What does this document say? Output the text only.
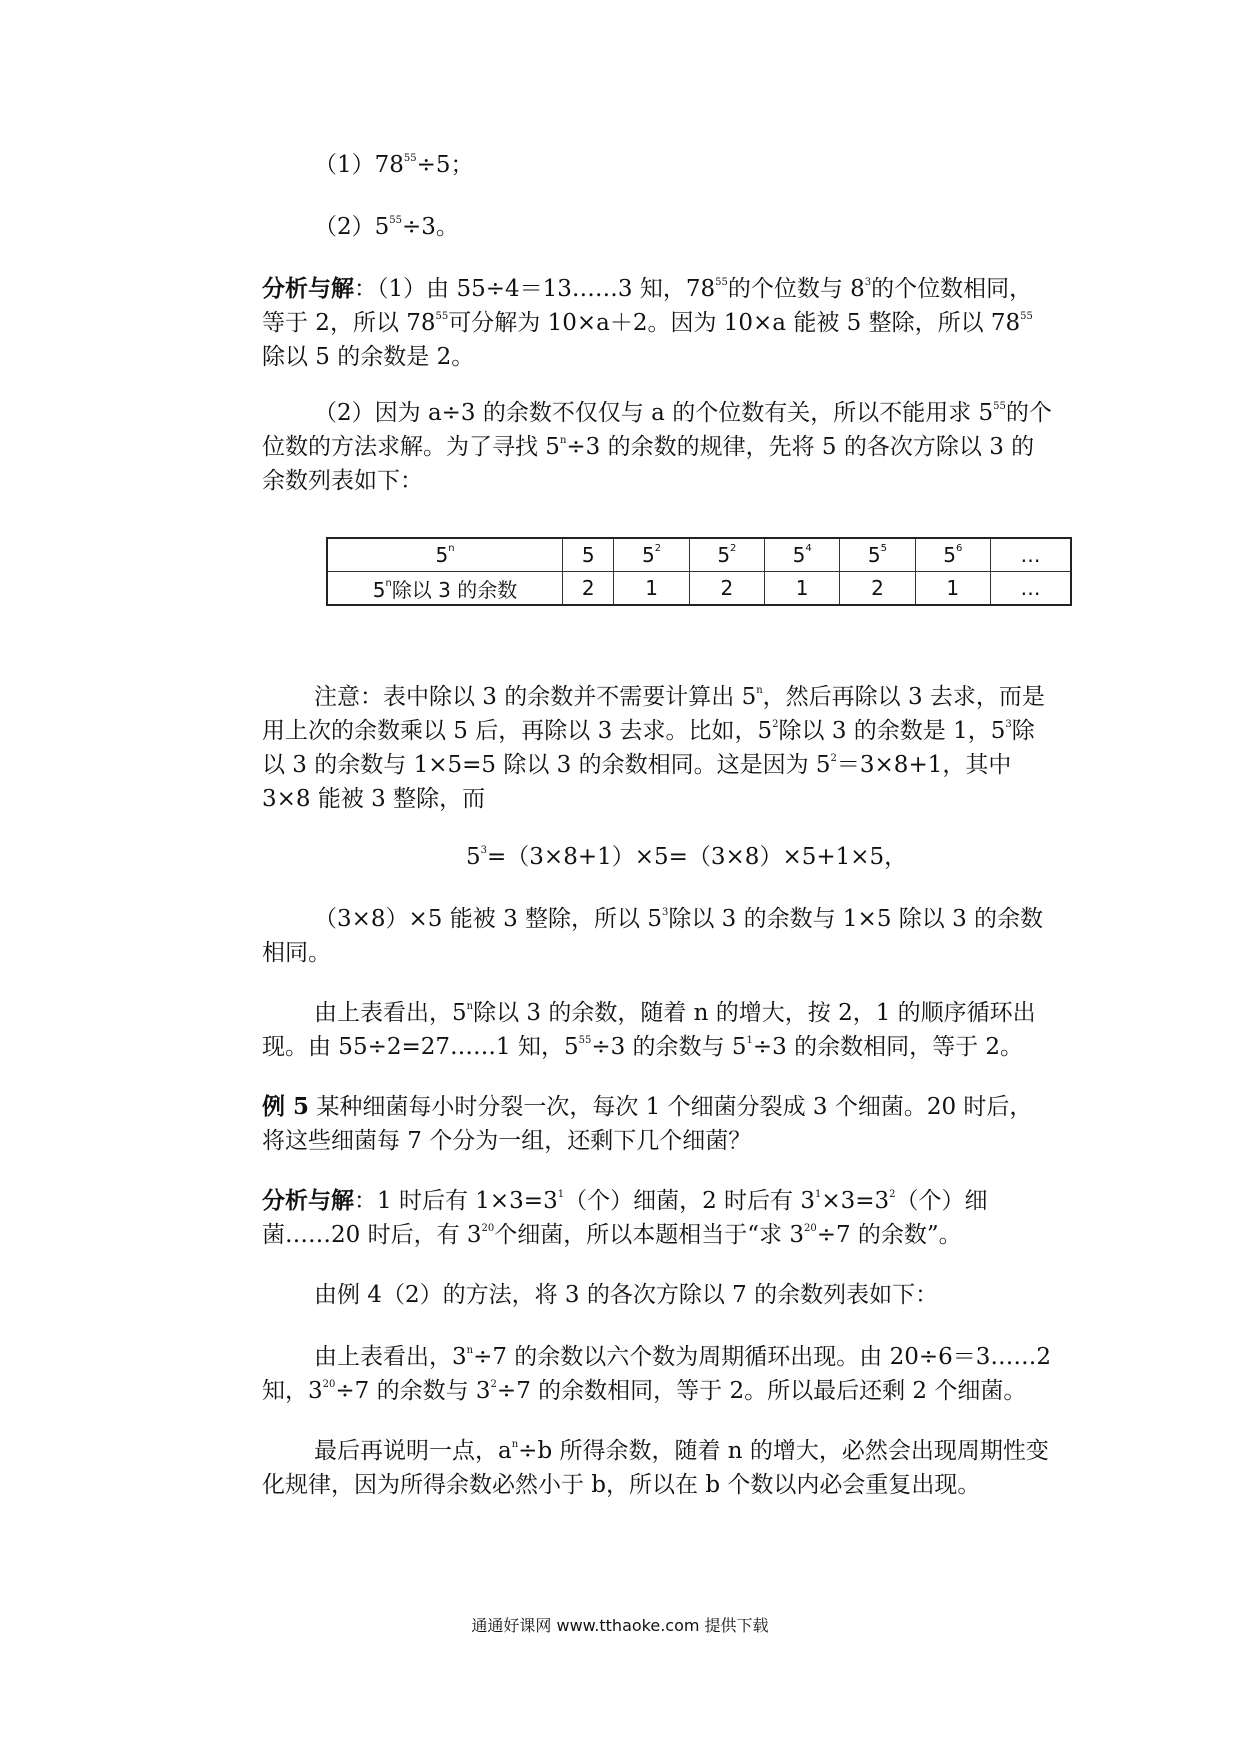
$(1)78^{55}\div 5$；
$(2)5^{55}\div 3$。

分析与解：（1）由 55÷4＝13……3 知，$78^{55}$的个位数与 $8^3$的个位数相同，等于 2，所以 $78^{55}$可分解为 10×a＋2。因为 10×a 能被 5 整除，所以 $78^{55}$除以 5 的余数是 2。

（2）因为 a÷3 的余数不仅仅与 a 的个位数有关，所以不能用求 $5^{55}$的个位数的方法求解。为了寻找 $5^n\div 3$ 的余数的规律，先将 5 的各次方除以 3 的余数列表如下：

5$^n$	5	$5^2$	$5^2$	$5^4$	$5^5$	$5^6$	…
5$^n$除以 3 的余数	2	1	2	1	2	1	…

注意：表中除以 3 的余数并不需要计算出 5$^n$，然后再除以 3 去求，而是用上次的余数乘以 5 后，再除以 3 去求。比如，$5^2$除以 3 的余数是 1，$5^3$除以 3 的余数与 1×5=5 除以 3 的余数相同。这是因为 $5^2=3\times 8+1$，其中 3×8 能被 3 整除，而

$5^3=(3\times 8+1)\times 5=(3\times 8)\times 5+1\times 5$，

（3×8）×5 能被 3 整除，所以 $5^3$除以 3 的余数与 1×5 除以 3 的余数相同。

由上表看出，5$^n$除以 3 的余数，随着 n 的增大，按 2，1 的顺序循环出现。由 55÷2=27……1 知，$5^{55}\div 3$ 的余数与 $5^1\div 3$ 的余数相同，等于 2。

例 5 某种细菌每小时分裂一次，每次 1 个细菌分裂成 3 个细菌。20 时后，将这些细菌每 7 个分为一组，还剩下几个细菌？

分析与解：1 时后有 $1\times 3=3^1$（个）细菌，2 时后有 $3^1\times 3=3^2$（个）细菌……20 时后，有 $3^{20}$个细菌，所以本题相当于“求 $3^{20}\div 7$ 的余数”。

由例 4（2）的方法，将 3 的各次方除以 7 的余数列表如下：

由上表看出，$3^n\div 7$ 的余数以六个数为周期循环出现。由 20÷6＝3……2 知，$3^{20}\div 7$ 的余数与 $3^2\div 7$ 的余数相同，等于 2。所以最后还剩 2 个细菌。

最后再说明一点，$a^n\div b$ 所得余数，随着 n 的增大，必然会出现周期性变化规律，因为所得余数必然小于 b，所以在 b 个数以内必会重复出现。

通通好课网 www.tthaoke.com 提供下载
